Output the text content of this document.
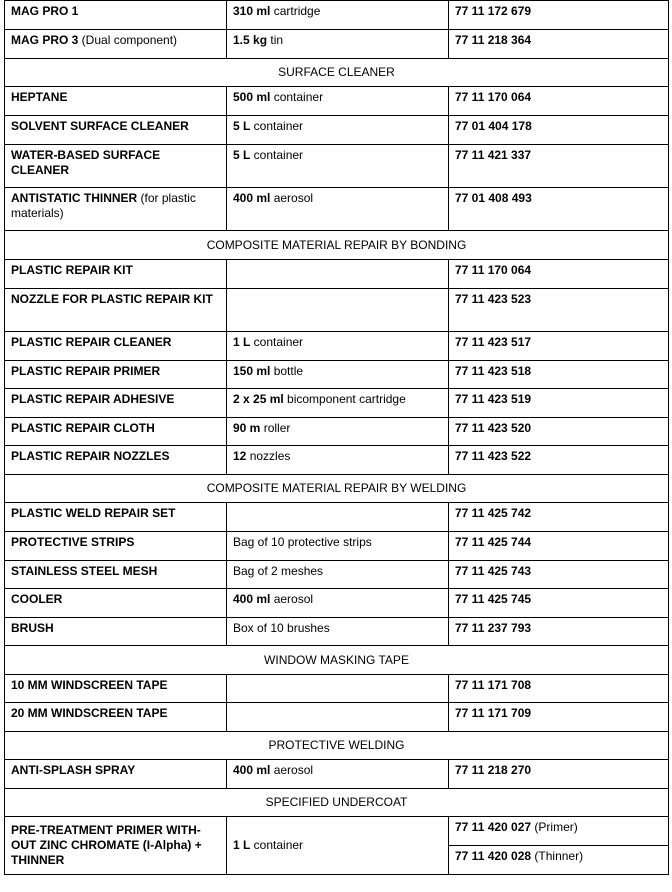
MAG PRO 1	310 ml cartridge	77 11 172 679
MAG PRO 3 (Dual component)	1.5 kg tin	77 11 218 364
SURFACE CLEANER		
HEPTANE	500 ml container	77 11 170 064
SOLVENT SURFACE CLEANER	5 L container	77 01 404 178
WATER-BASED SURFACE CLEANER	5 L container	77 11 421 337
ANTISTATIC THINNER (for plastic materials)	400 ml aerosol	77 01 408 493
COMPOSITE MATERIAL REPAIR BY BONDING		
PLASTIC REPAIR KIT		77 11 170 064
NOZZLE FOR PLASTIC REPAIR KIT		77 11 423 523
PLASTIC REPAIR CLEANER	1 L container	77 11 423 517
PLASTIC REPAIR PRIMER	150 ml bottle	77 11 423 518
PLASTIC REPAIR ADHESIVE	2 x 25 ml bicomponent cartridge	77 11 423 519
PLASTIC REPAIR CLOTH	90 m roller	77 11 423 520
PLASTIC REPAIR NOZZLES	12 nozzles	77 11 423 522
COMPOSITE MATERIAL REPAIR BY WELDING		
PLASTIC WELD REPAIR SET		77 11 425 742
PROTECTIVE STRIPS	Bag of 10 protective strips	77 11 425 744
STAINLESS STEEL MESH	Bag of 2 meshes	77 11 425 743
COOLER	400 ml aerosol	77 11 425 745
BRUSH	Box of 10 brushes	77 11 237 793
WINDOW MASKING TAPE		
10 MM WINDSCREEN TAPE		77 11 171 708
20 MM WINDSCREEN TAPE		77 11 171 709
PROTECTIVE WELDING		
ANTI-SPLASH SPRAY	400 ml aerosol	77 11 218 270
SPECIFIED UNDERCOAT		
PRE-TREATMENT PRIMER WITH-OUT ZINC CHROMATE (I-Alpha) + THINNER	1 L container	77 11 420 027 (Primer)
77 11 420 028 (Thinner)
